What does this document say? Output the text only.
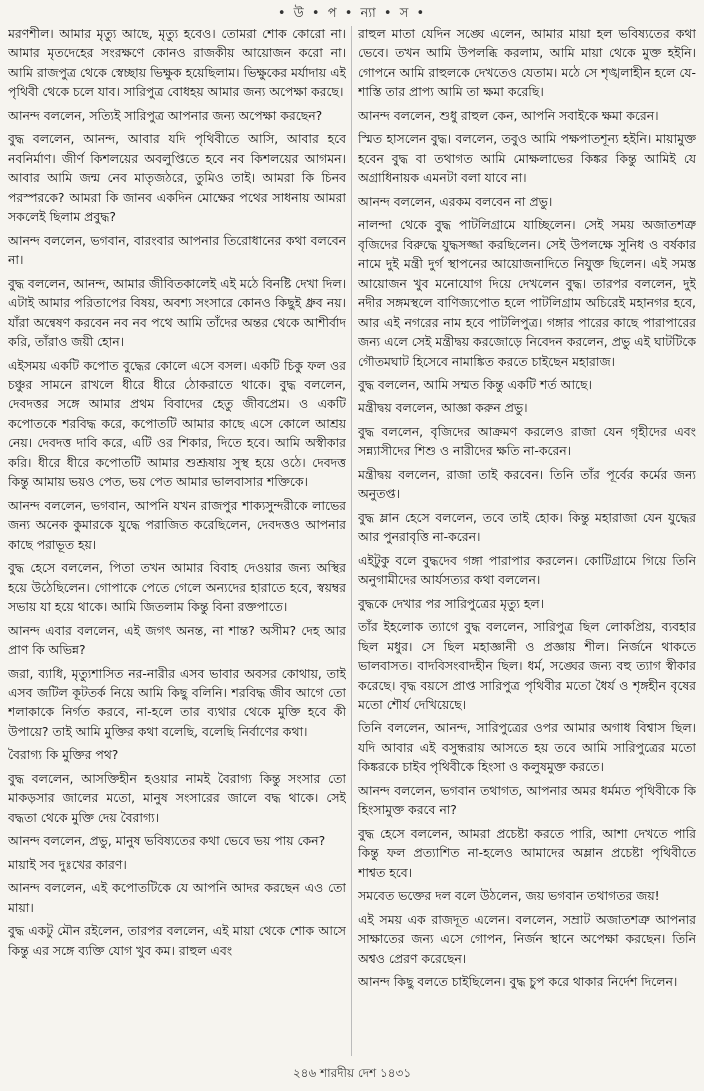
• উ • প • ন্যা • স •

মরণশীল। আমার মৃত্যু আছে, মৃত্যু হবেও। তোমরা শোক কোরো না। আমার মৃতদেহের সংরক্ষণে কোনও রাজকীয় আয়োজন করো না। আমি রাজপুত্র থেকে স্বেচ্ছায় ভিক্ষুক হয়েছিলাম। ভিক্ষুকের মর্যাদায় এই পৃথিবী থেকে চলে যাব। সারিপুত্র বোধহয় আমার জন্য অপেক্ষা করছে।

আনন্দ বললেন, সত্যিই সারিপুত্র আপনার জন্য অপেক্ষা করছেন?

বুদ্ধ বললেন, আনন্দ, আবার যদি পৃথিবীতে আসি, আবার হবে নবনির্মাণ। জীর্ণ কিশলয়ের অবলুপ্তিতে হবে নব কিশলয়ের আগমন। আবার আমি জন্ম নেব মাতৃজঠরে, তুমিও তাই। আমরা কি চিনব পরস্পরকে? আমরা কি জানব একদিন মোক্ষের পথের সাধনায় আমরা সকলেই ছিলাম প্রবুদ্ধ?

আনন্দ বললেন, ভগবান, বারংবার আপনার তিরোধানের কথা বলবেন না।

বুদ্ধ বললেন, আনন্দ, আমার জীবিতকালেই এই মঠে বিনষ্টি দেখা দিল। এটাই আমার পরিতাপের বিষয়, অবশ্য সংসারে কোনও কিছুই ধ্রুব নয়। যাঁরা অন্বেষণ করবেন নব নব পথে আমি তাঁদের অন্তর থেকে আশীর্বাদ করি, তাঁরাও জয়ী হোন।

এইসময় একটি কপোত বুদ্ধের কোলে এসে বসল। একটি চিকু ফল ওর চঞ্চুর সামনে রাখলে ধীরে ধীরে ঠোকরাতে থাকে। বুদ্ধ বললেন, দেবদত্তর সঙ্গে আমার প্রথম বিবাদের হেতু জীবপ্রেম। ও একটি কপোতকে শরবিদ্ধ করে, কপোতটি আমার কাছে এসে কোলে আশ্রয় নেয়। দেবদত্ত দাবি করে, এটি ওর শিকার, দিতে হবে। আমি অস্বীকার করি। ধীরে ধীরে কপোতটি আমার শুশ্রূষায় সুস্থ হয়ে ওঠে। দেবদত্ত কিন্তু আমায় ভয়ও পেত, ভয় পেত আমার ভালবাসার শক্তিকে।

আনন্দ বললেন, ভগবান, আপনি যখন রাজপুর শাক্যসুন্দরীকে লাভের জন্য অনেক কুমারকে যুদ্ধে পরাজিত করেছিলেন, দেবদত্তও আপনার কাছে পরাভূত হয়।

বুদ্ধ হেসে বললেন, পিতা তখন আমার বিবাহ দেওয়ার জন্য অস্থির হয়ে উঠেছিলেন। গোপাকে পেতে গেলে অন্যদের হারাতে হবে, স্বয়ম্বর সভায় যা হয়ে থাকে। আমি জিতলাম কিন্তু বিনা রক্তপাতে।

আনন্দ এবার বললেন, এই জগৎ অনন্ত, না শান্ত? অসীম? দেহ আর প্রাণ কি অভিন্ন?

জরা, ব্যাধি, মৃত্যুশাসিত নর-নারীর এসব ভাবার অবসর কোথায়, তাই এসব জটিল কূটতর্ক নিয়ে আমি কিছু বলিনি। শরবিদ্ধ জীব আগে তো শলাকাকে নির্গত করবে, না-হলে তার ব্যথার থেকে মুক্তি হবে কী উপায়ে? তাই আমি মুক্তির কথা বলেছি, বলেছি নির্বাণের কথা।

বৈরাগ্য কি মুক্তির পথ?

বুদ্ধ বললেন, আসক্তিহীন হওয়ার নামই বৈরাগ্য কিন্তু সংসার তো মাকড়সার জালের মতো, মানুষ সংসারের জালে বদ্ধ থাকে। সেই বদ্ধতা থেকে মুক্তি দেয় বৈরাগ্য।

আনন্দ বললেন, প্রভু, মানুষ ভবিষ্যতের কথা ভেবে ভয় পায় কেন?

মায়াই সব দুঃখের কারণ।

আনন্দ বললেন, এই কপোতটিকে যে আপনি আদর করছেন এও তো মায়া।

বুদ্ধ একটু মৌন রইলেন, তারপর বললেন, এই মায়া থেকে শোক আসে কিন্তু এর সঙ্গে ব্যক্তি যোগ খুব কম। রাহুল এবং

রাহুল মাতা যেদিন সঙ্ঘে এলেন, আমার মায়া হল ভবিষ্যতের কথা ভেবে। তখন আমি উপলব্ধি করলাম, আমি মায়া থেকে মুক্ত হইনি। গোপনে আমি রাহুলকে দেখতেও যেতাম। মঠে সে শৃঙ্খলাহীন হলে যে-শাস্তি তার প্রাপ্য আমি তা ক্ষমা করেছি।

আনন্দ বললেন, শুধু রাহুল কেন, আপনি সবাইকে ক্ষমা করেন।

স্মিত হাসলেন বুদ্ধ। বললেন, তবুও আমি পক্ষপাতশূন্য হইনি। মায়ামুক্ত হবেন বুদ্ধ বা তথাগত আমি মোক্ষলাভের কিঙ্কর কিন্তু আমিই যে অগ্রাধিনায়ক এমনটা বলা যাবে না।

আনন্দ বললেন, এরকম বলবেন না প্রভু।

নালন্দা থেকে বুদ্ধ পাটলিগ্রামে যাচ্ছিলেন। সেই সময় অজাতশত্রু বৃজিদের বিরুদ্ধে যুদ্ধসজ্জা করছিলেন। সেই উপলক্ষে সুনিধ ও বর্ষকার নামে দুই মন্ত্রী দুর্গ স্থাপনের আয়োজনাদিতে নিযুক্ত ছিলেন। এই সমস্ত আয়োজন খুব মনোযোগ দিয়ে দেখলেন বুদ্ধ। তারপর বললেন, দুই নদীর সঙ্গমস্থলে বাণিজ্যপোত হলে পাটলিগ্রাম অচিরেই মহানগর হবে, আর এই নগরের নাম হবে পাটলিপুত্র। গঙ্গার পারের কাছে পারাপারের জন্য এলে সেই মন্ত্রীদ্বয় করজোড়ে নিবেদন করলেন, প্রভু এই ঘাটটিকে গৌতমঘাট হিসেবে নামাঙ্কিত করতে চাইছেন মহারাজ।

বুদ্ধ বললেন, আমি সম্মত কিন্তু একটি শর্ত আছে।

মন্ত্রীদ্বয় বললেন, আজ্ঞা করুন প্রভু।

বুদ্ধ বললেন, বৃজিদের আক্রমণ করলেও রাজা যেন গৃহীদের এবং সন্ন্যাসীদের শিশু ও নারীদের ক্ষতি না-করেন।

মন্ত্রীদ্বয় বললেন, রাজা তাই করবেন। তিনি তাঁর পূর্বের কর্মের জন্য অনুতপ্ত।

বুদ্ধ ম্লান হেসে বললেন, তবে তাই হোক। কিন্তু মহারাজা যেন যুদ্ধের আর পুনরাবৃত্তি না-করেন।

এইটুকু বলে বুদ্ধদেব গঙ্গা পারাপার করলেন। কোটিগ্রামে গিয়ে তিনি অনুগামীদের আর্যসত্যর কথা বললেন।

বুদ্ধকে দেখার পর সারিপুত্রের মৃত্যু হল।

তাঁর ইহলোক ত্যাগে বুদ্ধ বললেন, সারিপুত্র ছিল লোকপ্রিয়, ব্যবহার ছিল মধুর। সে ছিল মহাজ্ঞানী ও প্রজ্ঞায় শীল। নির্জনে থাকতে ভালবাসত। বাদবিসংবাদহীন ছিল। ধর্ম, সঙ্ঘের জন্য বহু ত্যাগ স্বীকার করেছে। বৃদ্ধ বয়সে প্রাপ্ত সারিপুত্র পৃথিবীর মতো ধৈর্য ও শৃঙ্গহীন বৃষের মতো শৌর্য দেখিয়েছে।

তিনি বললেন, আনন্দ, সারিপুত্রের ওপর আমার অগাধ বিশ্বাস ছিল। যদি আবার এই বসুন্ধরায় আসতে হয় তবে আমি সারিপুত্রের মতো কিঙ্করকে চাইব পৃথিবীকে হিংসা ও কলুষমুক্ত করতে।

আনন্দ বললেন, ভগবান তথাগত, আপনার অমর ধর্মমত পৃথিবীকে কি হিংসামুক্ত করবে না?

বুদ্ধ হেসে বললেন, আমরা প্রচেষ্টা করতে পারি, আশা দেখতে পারি কিন্তু ফল প্রত্যাশিত না-হলেও আমাদের অম্লান প্রচেষ্টা পৃথিবীতে শাশ্বত হবে।

সমবেত ভক্তের দল বলে উঠলেন, জয় ভগবান তথাগতর জয়!

এই সময় এক রাজদূত এলেন। বললেন, সম্রাট অজাতশত্রু আপনার সাক্ষাতের জন্য এসে গোপন, নির্জন স্থানে অপেক্ষা করছেন। তিনি অশ্বও প্রেরণ করেছেন।

আনন্দ কিছু বলতে চাইছিলেন। বুদ্ধ চুপ করে থাকার নির্দেশ দিলেন।

২৪৬ শারদীয় দেশ ১৪৩১
